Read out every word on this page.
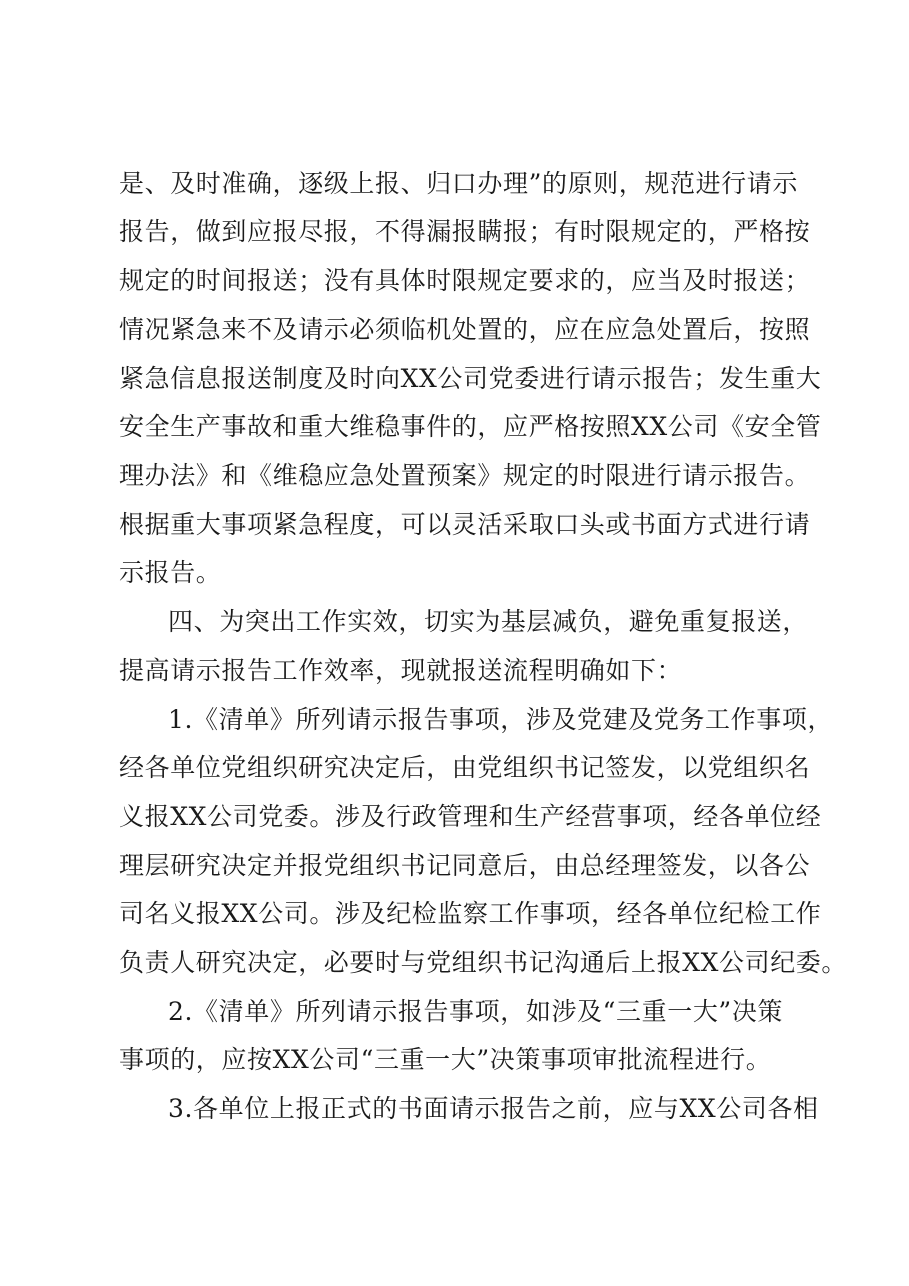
是、及时准确，逐级上报、归口办理”的原则，规范进行请示
报告，做到应报尽报，不得漏报瞒报；有时限规定的，严格按
规定的时间报送；没有具体时限规定要求的，应当及时报送；
情况紧急来不及请示必须临机处置的，应在应急处置后，按照
紧急信息报送制度及时向XX公司党委进行请示报告；发生重大
安全生产事故和重大维稳事件的，应严格按照XX公司《安全管
理办法》和《维稳应急处置预案》规定的时限进行请示报告。
根据重大事项紧急程度，可以灵活采取口头或书面方式进行请
示报告。
四、为突出工作实效，切实为基层减负，避免重复报送，
提高请示报告工作效率，现就报送流程明确如下：
1.《清单》所列请示报告事项，涉及党建及党务工作事项，
经各单位党组织研究决定后，由党组织书记签发，以党组织名
义报XX公司党委。涉及行政管理和生产经营事项，经各单位经
理层研究决定并报党组织书记同意后，由总经理签发，以各公
司名义报XX公司。涉及纪检监察工作事项，经各单位纪检工作
负责人研究决定，必要时与党组织书记沟通后上报XX公司纪委。
2.《清单》所列请示报告事项，如涉及“三重一大”决策
事项的，应按XX公司“三重一大”决策事项审批流程进行。
3.各单位上报正式的书面请示报告之前，应与XX公司各相
